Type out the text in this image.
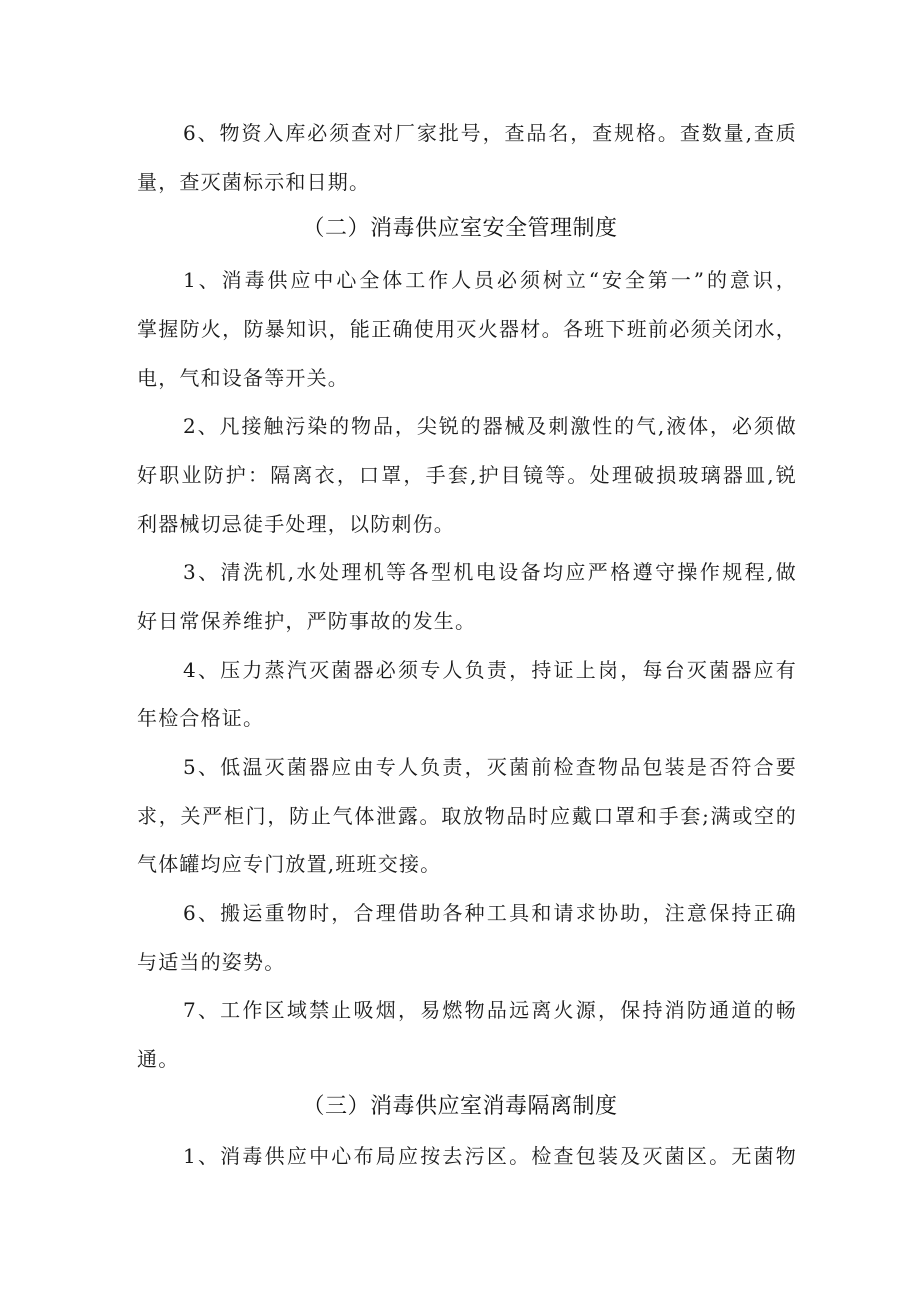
6、物资入库必须查对厂家批号，查品名，查规格。查数量,查质
量，查灭菌标示和日期。
（二）消毒供应室安全管理制度
1、消毒供应中心全体工作人员必须树立“安全第一”的意识，
掌握防火，防暴知识，能正确使用灭火器材。各班下班前必须关闭水，
电，气和设备等开关。
2、凡接触污染的物品，尖锐的器械及刺激性的气,液体，必须做
好职业防护：隔离衣，口罩，手套,护目镜等。处理破损玻璃器皿,锐
利器械切忌徒手处理，以防刺伤。
3、清洗机,水处理机等各型机电设备均应严格遵守操作规程,做
好日常保养维护，严防事故的发生。
4、压力蒸汽灭菌器必须专人负责，持证上岗，每台灭菌器应有
年检合格证。
5、低温灭菌器应由专人负责，灭菌前检查物品包装是否符合要
求，关严柜门，防止气体泄露。取放物品时应戴口罩和手套;满或空的
气体罐均应专门放置,班班交接。
6、搬运重物时，合理借助各种工具和请求协助，注意保持正确
与适当的姿势。
7、工作区域禁止吸烟，易燃物品远离火源，保持消防通道的畅
通。
（三）消毒供应室消毒隔离制度
1、消毒供应中心布局应按去污区。检查包装及灭菌区。无菌物
